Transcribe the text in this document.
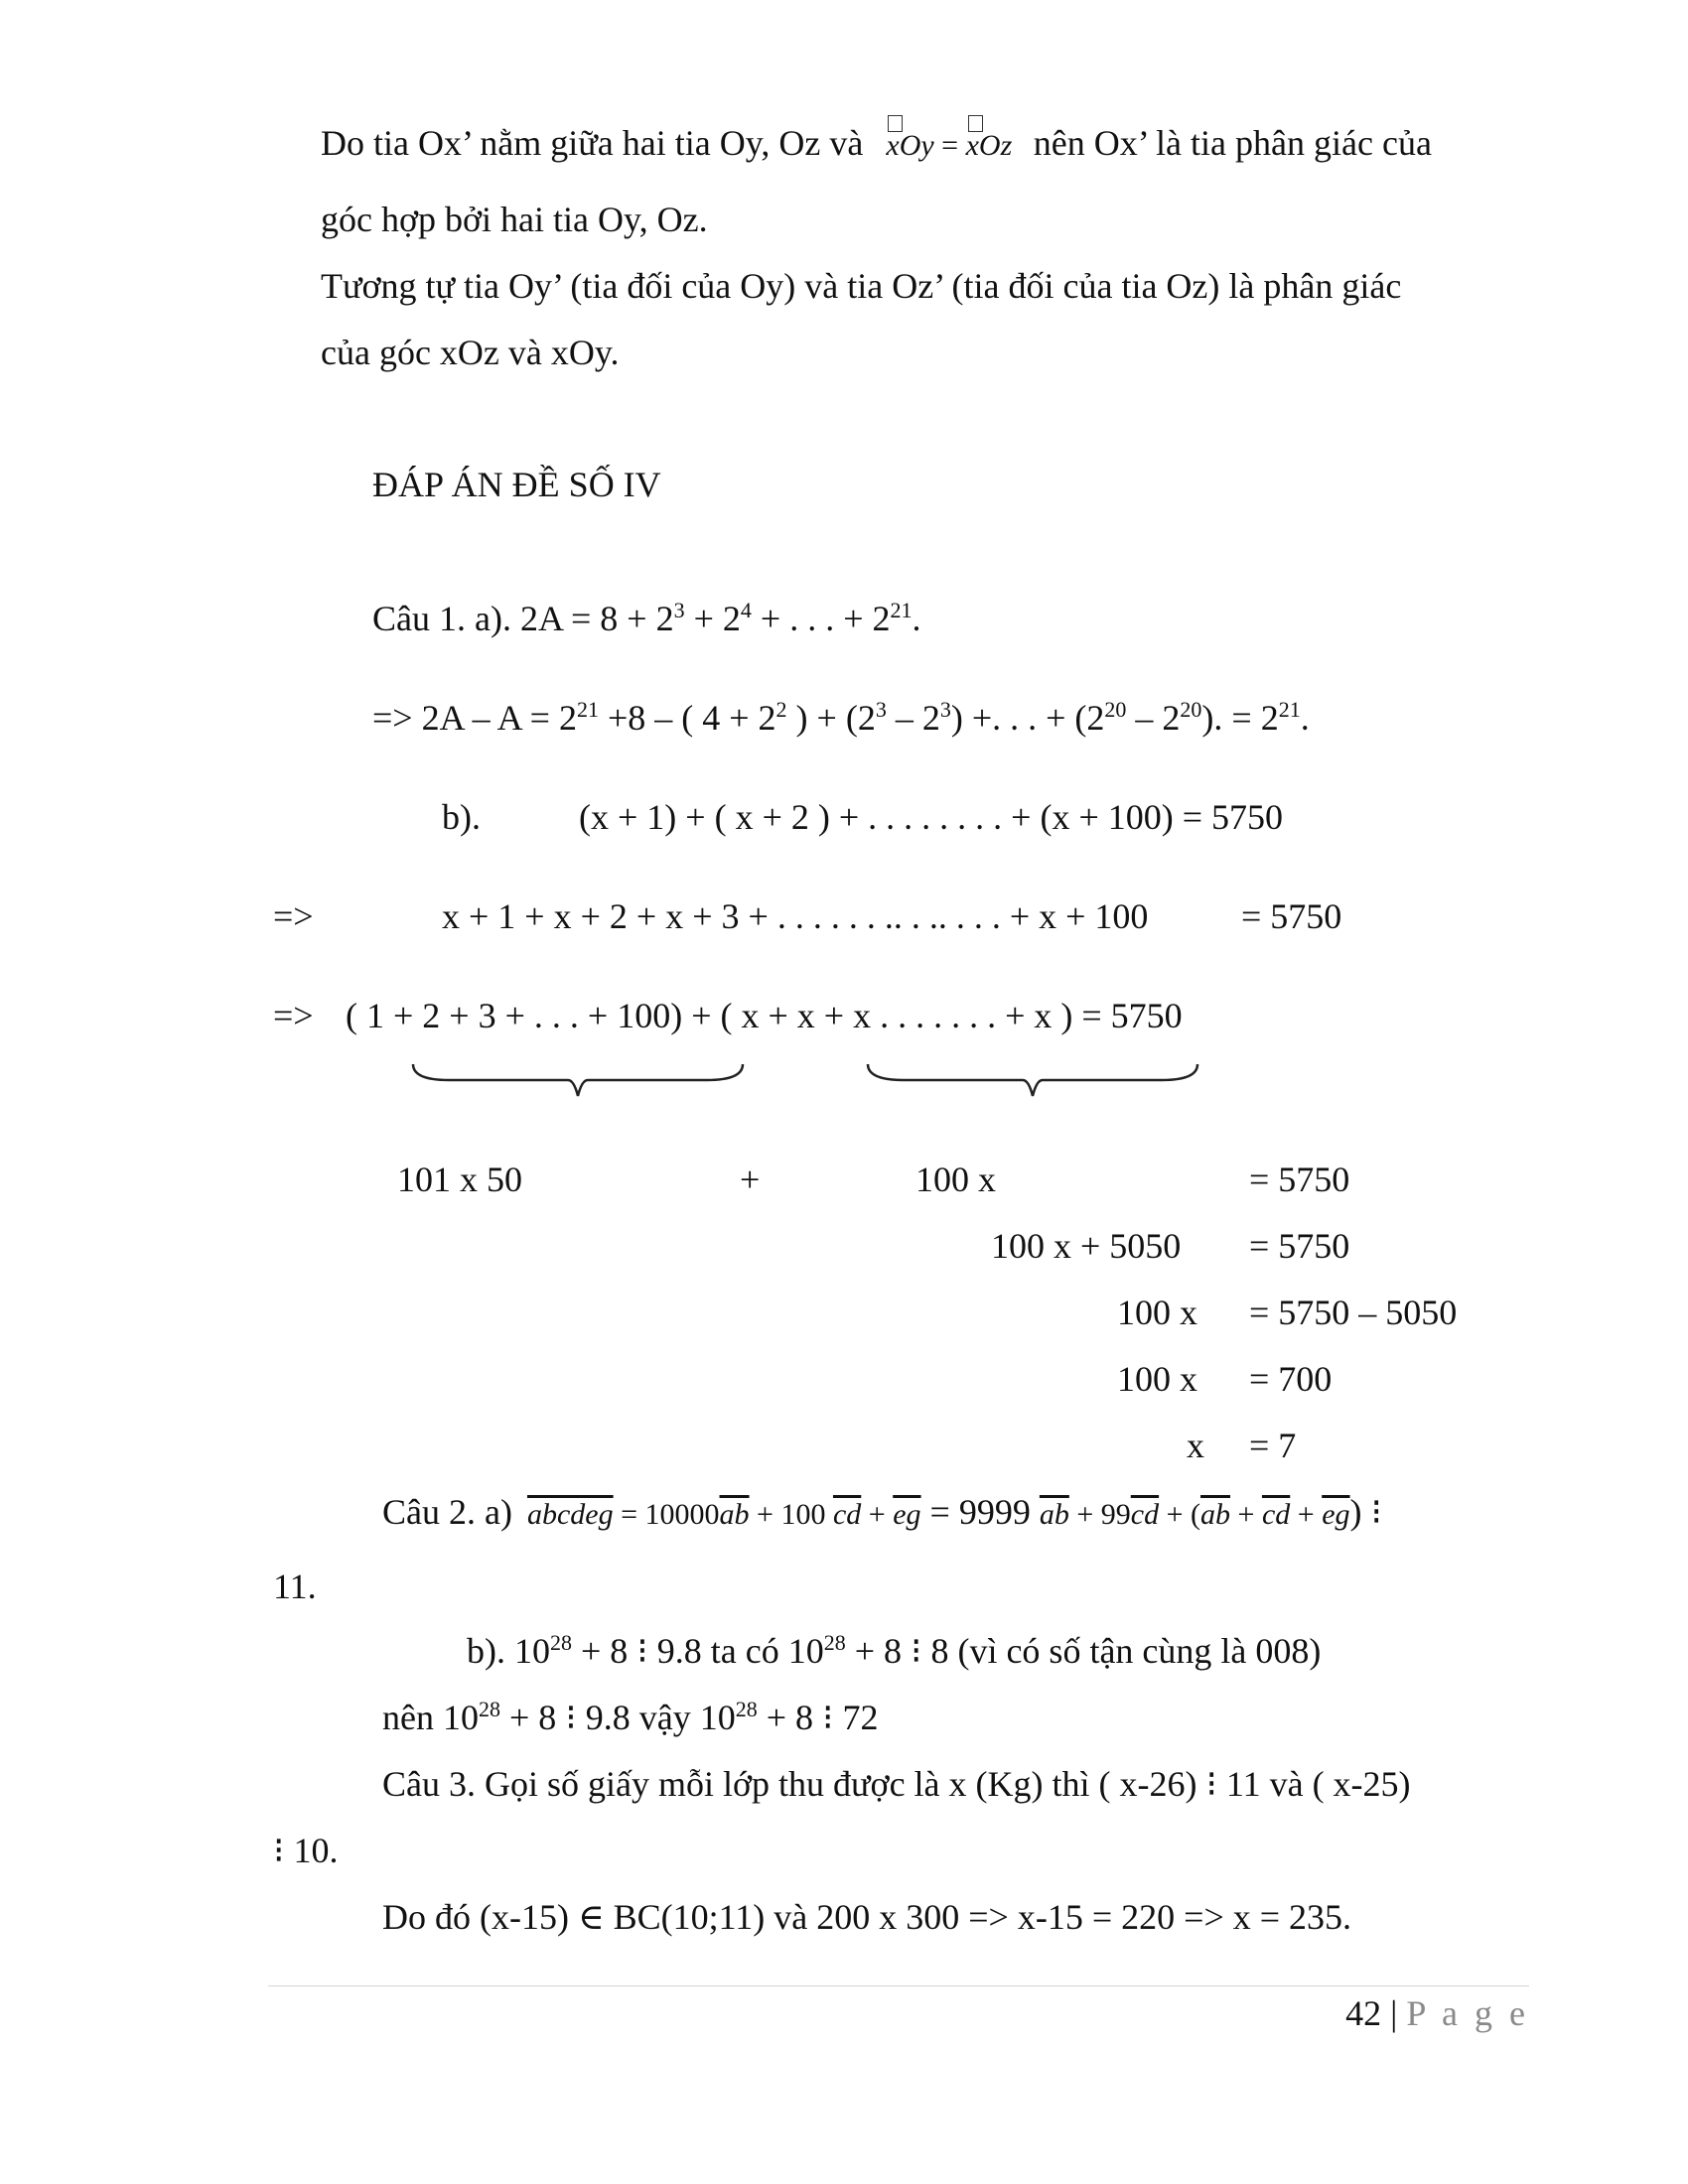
Do tia Ox’ nằm giữa hai tia Oy, Oz và xOy = xOz nên Ox’ là tia phân giác của
góc hợp bởi hai tia Oy, Oz.
Tương tự tia Oy’ (tia đối của Oy) và tia Oz’ (tia đối của tia Oz) là phân giác
của góc xOz và xOy.
ĐÁP ÁN ĐỀ SỐ IV
Câu 1. a). $2A = 8 + 2^3 + 2^4$ + . . . + $2^{21}$.
=> $2A - A = 2^{21} +8$ – ( $4 + 2^2$ ) + $(2^3 - 2^3)$ +. . . + $(2^{20} - 2^{20})$. = $2^{21}$.
b).	(x + 1) + ( x + 2 ) + . . . . . . . . + (x + 100) = 5750
=>	x + 1 + x + 2 + x + 3 + . . . . . . .. . .. . . . + x + 100	= 5750
=> ( 1 + 2 + 3 + . . . + 100) + ( x + x + x . . . . . . . + x ) = 5750
101 x 50	+	100 x	= 5750
100 x + 5050 = 5750
100 x = 5750 – 5050
100 x = 700
x = 7
Câu 2. a) abcdeg = $10000\overline{ab} + 100$ $\overline{cd} + \overline{eg} = 9999$ $\overline{ab} + 99\overline{cd} + (\overline{ab} + \overline{cd} + \overline{eg})$ ⁝
11.
b). $10^{28} + 8$ ⁝ 9.8 ta có $10^{28} + 8$ ⁝ 8 (vì có số tận cùng là 008)
nên $10^{28} + 8$ ⁝ 9.8 vậy $10^{28} + 8$ ⁝ 72
Câu 3. Gọi số giấy mỗi lớp thu được là x (Kg) thì ( x-26) ⁝ 11 và ( x-25)
⁝ 10.
Do đó (x-15) ∈ BC(10;11) và 200 x 300 => x-15 = 220 => x = 235.
42 | P a g e
